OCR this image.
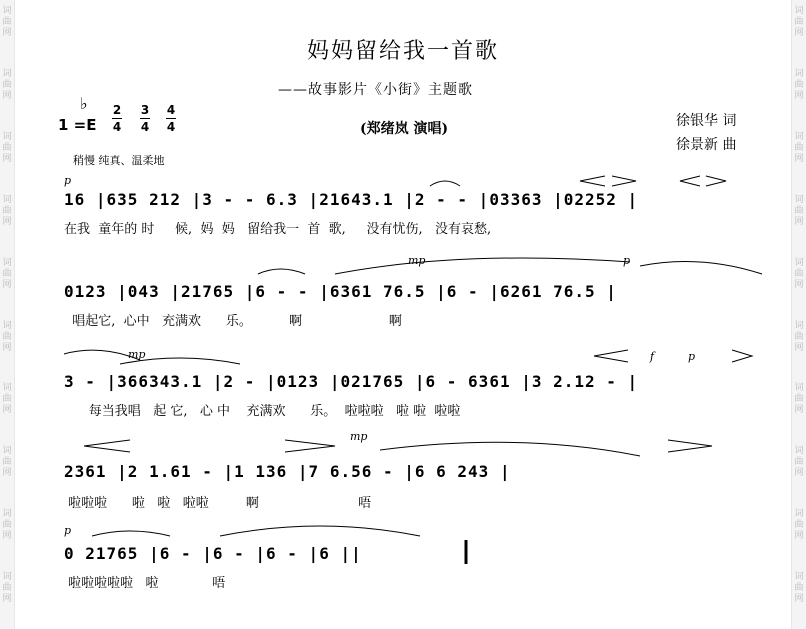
词 曲 网
词 曲 网
词 曲 网
词 曲 网
词 曲 网
词 曲 网
词 曲 网
词 曲 网
词 曲 网
词 曲 网
词 曲 网
词 曲 网
词 曲 网
词 曲 网
词 曲 网
词 曲 网
词 曲 网
词 曲 网
词 曲 网
词 曲 网
妈妈留给我一首歌
——故事影片《小街》主题歌
♭
1 =E
2
4
3
4
4
4	(郑绪岚 演唱)	徐银华 词
徐景新 曲
稍慢 纯真、温柔地
p
mp	p
mp	f	p
mp
p
16 |635 212 |3 - - 6.3 |21643.1 |2 - - |03363 |02252 |
在我  童年的 时     候,  妈  妈   留给我一  首  歌,     没有忧伤,   没有哀愁,
0123 |043 |21765 |6 - - |6361 76.5 |6 - |6261 76.5 |
唱起它,  心中   充满欢      乐。         啊                     啊
3 - |366343.1 |2 - |0123 |021765 |6 - 6361 |3 2.12 - |
每当我唱   起 它,   心 中    充满欢      乐。  啦啦啦   啦 啦  啦啦
2361 |2 1.61 - |1 136 |7 6.56 - |6 6 243 |
啦啦啦      啦   啦   啦啦         啊                        唔
0 21765 |6 - |6 - |6 - |6 ||
啦啦啦啦啦   啦             唔
